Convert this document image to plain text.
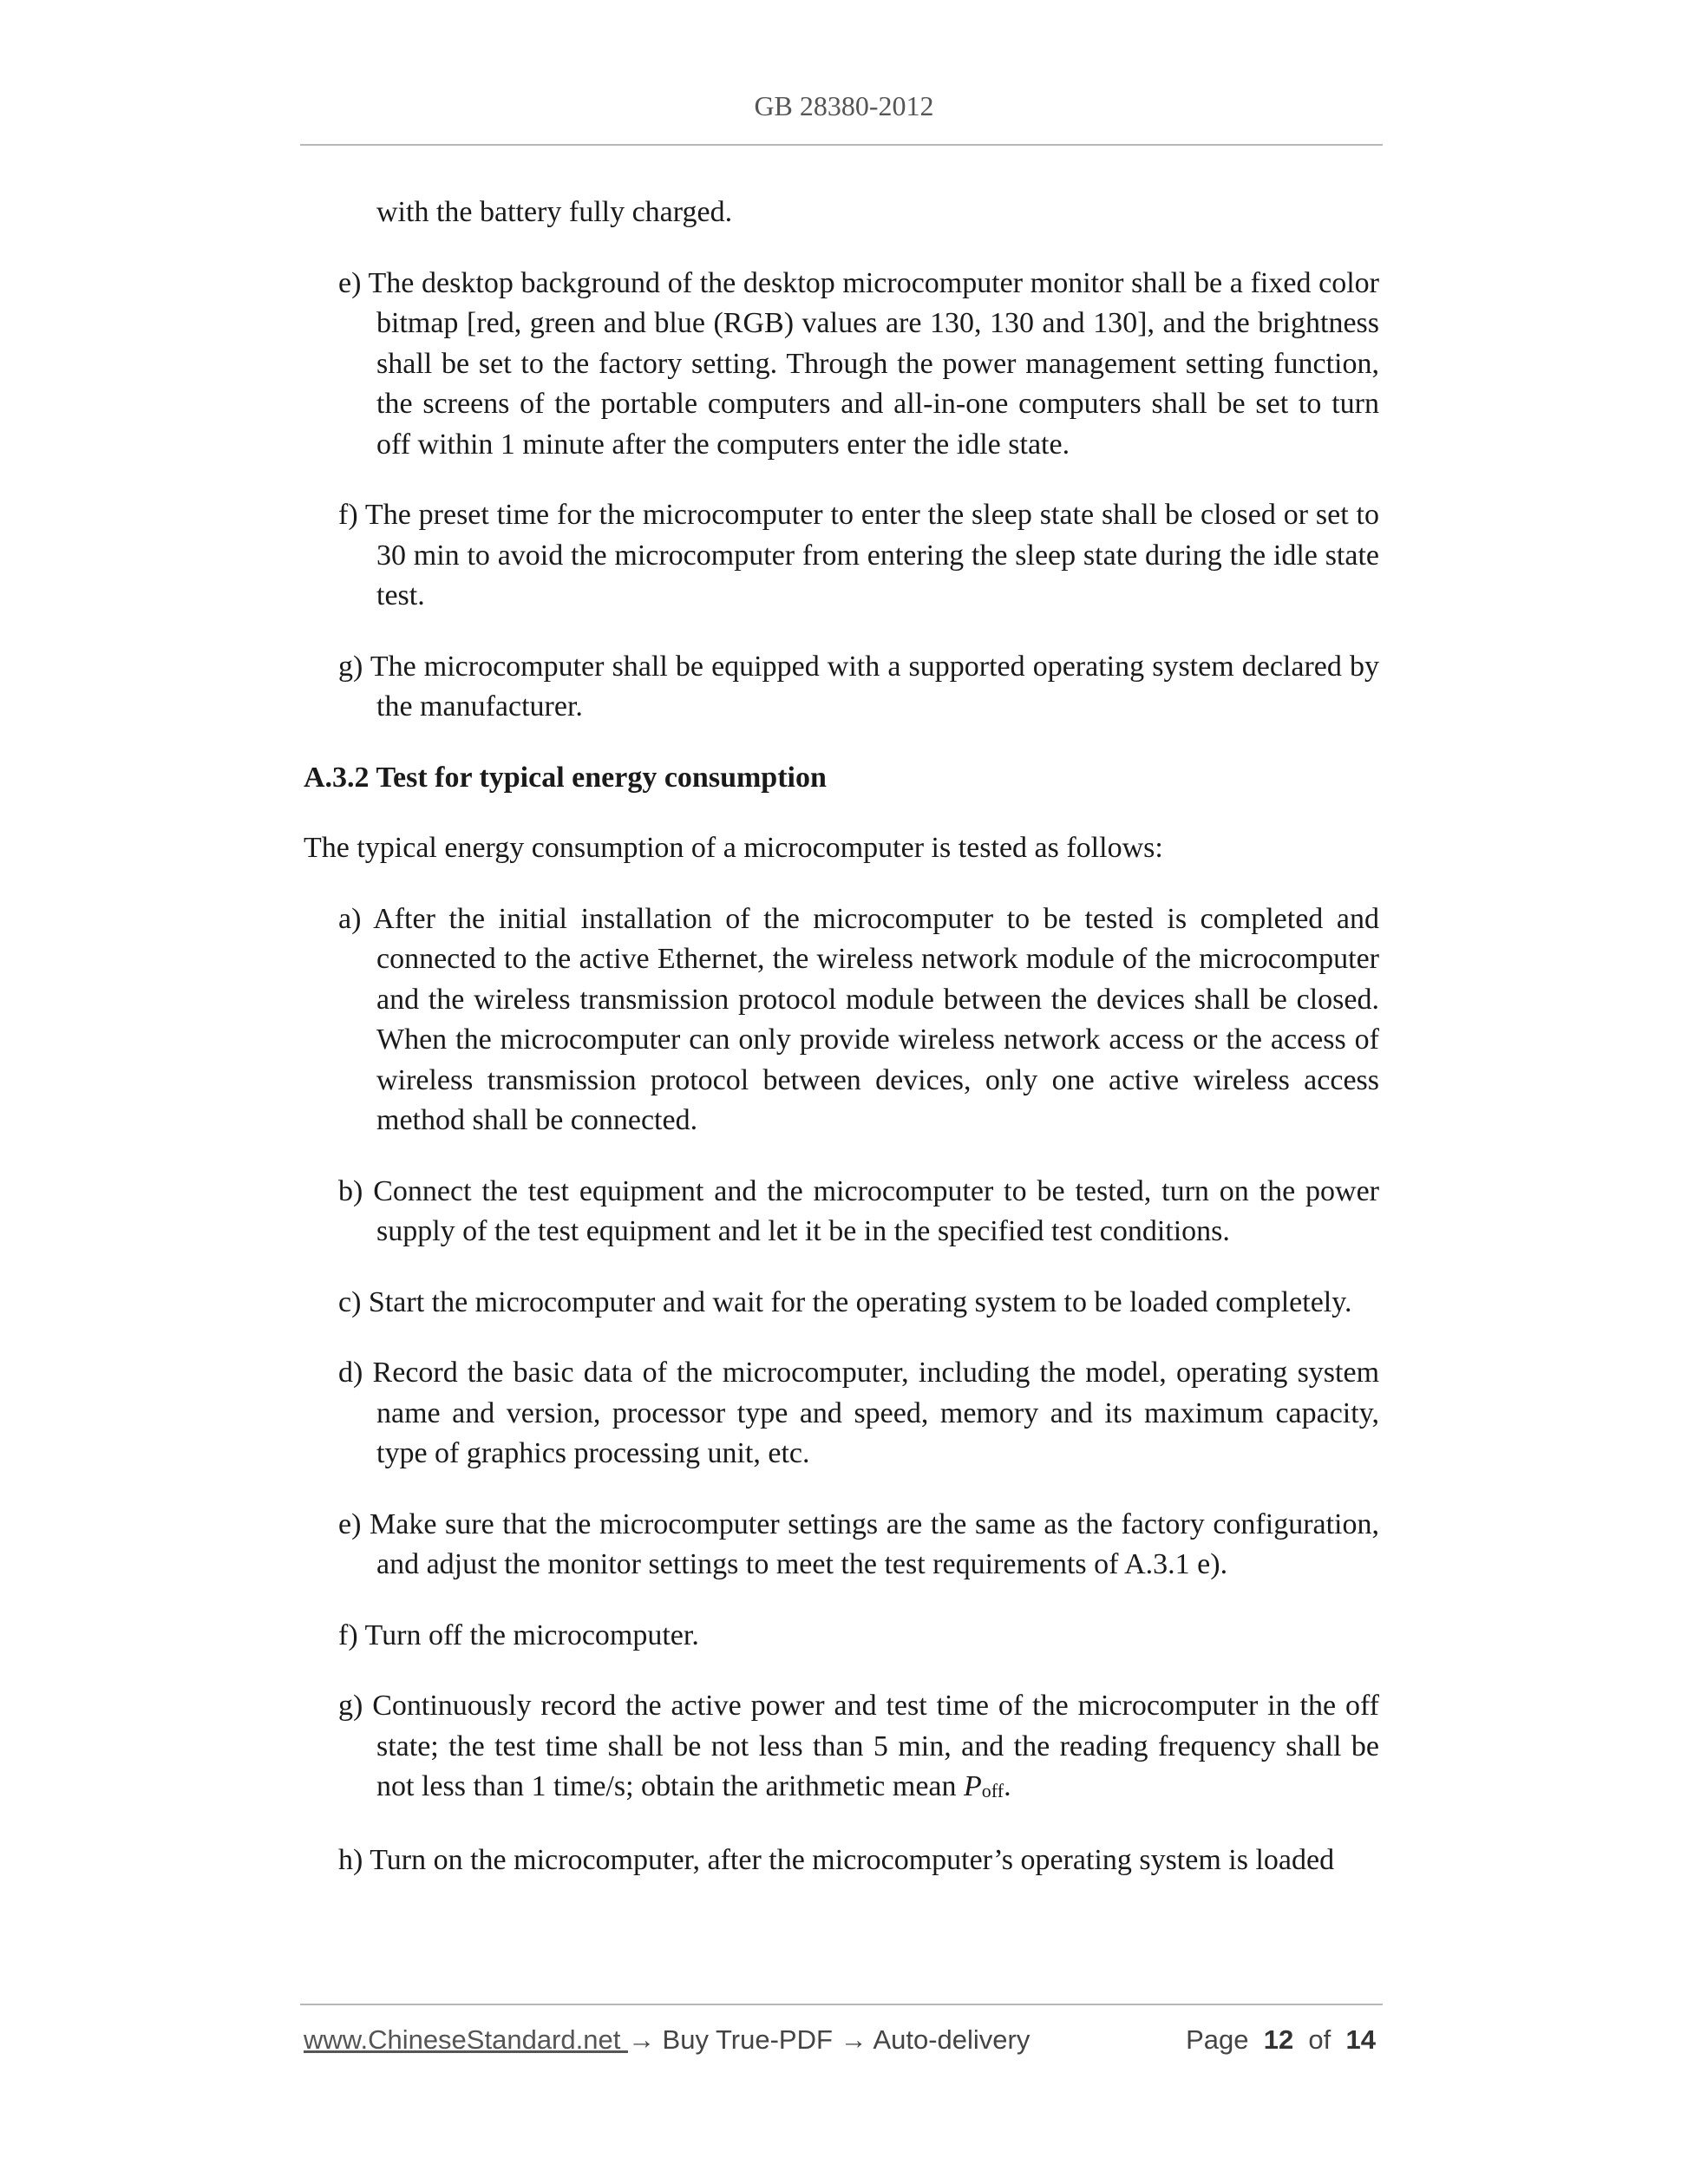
GB 28380-2012

with the battery fully charged.

e) The desktop background of the desktop microcomputer monitor shall be a fixed color bitmap [red, green and blue (RGB) values are 130, 130 and 130], and the brightness shall be set to the factory setting. Through the power management setting function, the screens of the portable computers and all-in-one computers shall be set to turn off within 1 minute after the computers enter the idle state.

f) The preset time for the microcomputer to enter the sleep state shall be closed or set to 30 min to avoid the microcomputer from entering the sleep state during the idle state test.

g) The microcomputer shall be equipped with a supported operating system declared by the manufacturer.

A.3.2 Test for typical energy consumption

The typical energy consumption of a microcomputer is tested as follows:

a) After the initial installation of the microcomputer to be tested is completed and connected to the active Ethernet, the wireless network module of the microcomputer and the wireless transmission protocol module between the devices shall be closed. When the microcomputer can only provide wireless network access or the access of wireless transmission protocol between devices, only one active wireless access method shall be connected.

b) Connect the test equipment and the microcomputer to be tested, turn on the power supply of the test equipment and let it be in the specified test conditions.

c) Start the microcomputer and wait for the operating system to be loaded completely.

d) Record the basic data of the microcomputer, including the model, operating system name and version, processor type and speed, memory and its maximum capacity, type of graphics processing unit, etc.

e) Make sure that the microcomputer settings are the same as the factory configuration, and adjust the monitor settings to meet the test requirements of A.3.1 e).

f) Turn off the microcomputer.

g) Continuously record the active power and test time of the microcomputer in the off state; the test time shall be not less than 5 min, and the reading frequency shall be not less than 1 time/s; obtain the arithmetic mean $P_{off}$.

h) Turn on the microcomputer, after the microcomputer’s operating system is loaded

www.ChineseStandard.net → Buy True-PDF → Auto-delivery	Page 12 of 14
